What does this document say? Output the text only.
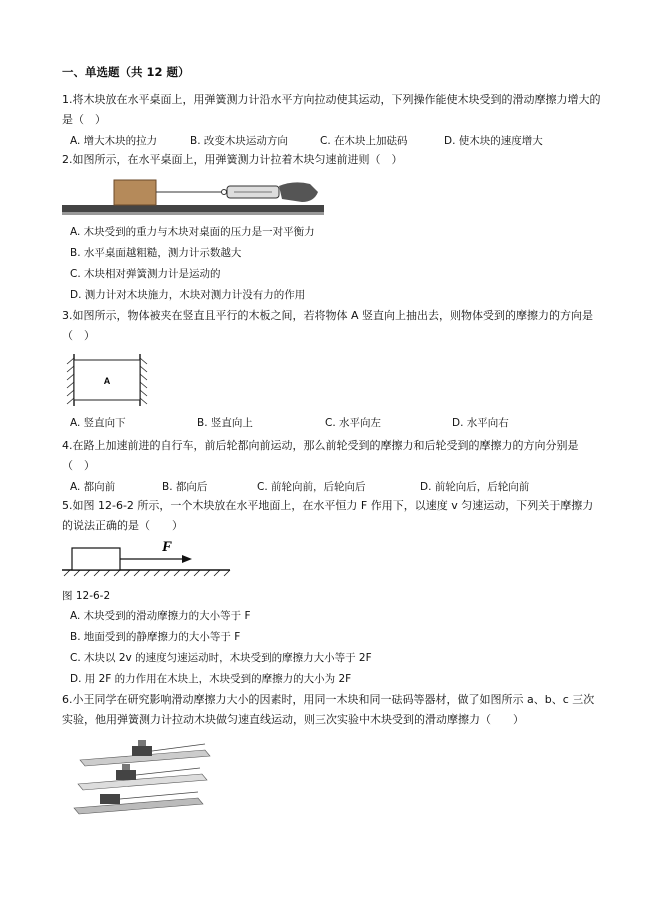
一、单选题（共 12 题）
1.将木块放在水平桌面上，用弹簧测力计沿水平方向拉动使其运动，下列操作能使木块受到的滑动摩擦力增大的是（　）
A. 增大木块的拉力	B. 改变木块运动方向	C. 在木块上加砝码	D. 使木块的速度增大
2.如图所示，在水平桌面上，用弹簧测力计拉着木块匀速前进则（　）
A. 木块受到的重力与木块对桌面的压力是一对平衡力
B. 水平桌面越粗糙，测力计示数越大
C. 木块相对弹簧测力计是运动的
D. 测力计对木块施力，木块对测力计没有力的作用
3.如图所示，物体被夹在竖直且平行的木板之间，若将物体 A 竖直向上抽出去，则物体受到的摩擦力的方向是（　）
A
A. 竖直向下	B. 竖直向上	C. 水平向左	D. 水平向右
4.在路上加速前进的自行车，前后轮都向前运动，那么前轮受到的摩擦力和后轮受到的摩擦力的方向分别是（　）
A. 都向前	B. 都向后	C. 前轮向前，后轮向后	D. 前轮向后，后轮向前
5.如图 12-6-2 所示，一个木块放在水平地面上，在水平恒力 F 作用下，以速度 v 匀速运动，下列关于摩擦力的说法正确的是（　　）
F
图 12-6-2
A. 木块受到的滑动摩擦力的大小等于 F
B. 地面受到的静摩擦力的大小等于 F
C. 木块以 2v 的速度匀速运动时，木块受到的摩擦力大小等于 2F
D. 用 2F 的力作用在木块上，木块受到的摩擦力的大小为 2F
6.小王同学在研究影响滑动摩擦力大小的因素时，用同一木块和同一砝码等器材，做了如图所示 a、b、c 三次实验，他用弹簧测力计拉动木块做匀速直线运动，则三次实验中木块受到的滑动摩擦力（　　）
